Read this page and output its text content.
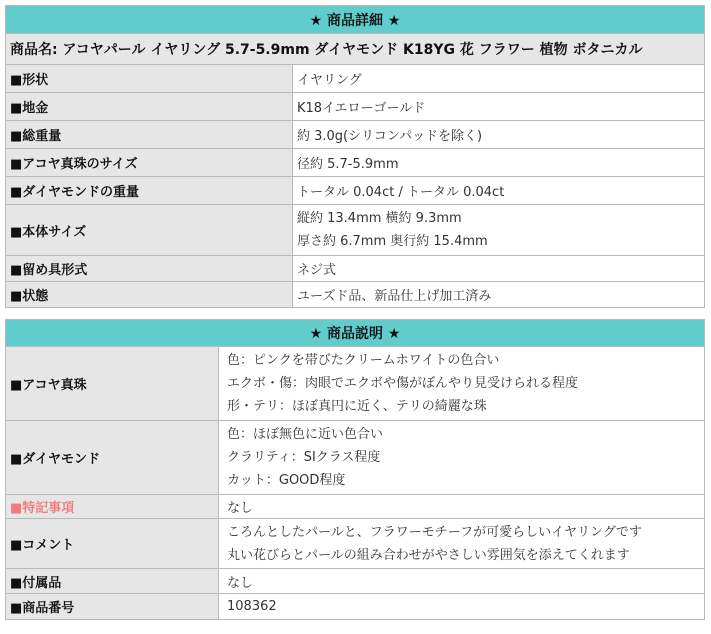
★ 商品詳細 ★	
商品名: アコヤパール イヤリング 5.7-5.9mm ダイヤモンド K18YG 花 フラワー 植物 ボタニカル	
■形状	イヤリング
■地金	K18イエローゴールド
■総重量	約 3.0g(シリコンパッドを除く)
■アコヤ真珠のサイズ	径約 5.7-5.9mm
■ダイヤモンドの重量	トータル 0.04ct / トータル 0.04ct
■本体サイズ	縦約 13.4mm 横約 9.3mm
厚さ約 6.7mm 奥行約 15.4mm

■留め具形式	ネジ式
■状態	ユーズド品、新品仕上げ加工済み
★ 商品説明 ★	
■アコヤ真珠	色：ピンクを帯びたクリームホワイトの色合い
エクボ・傷：肉眼でエクボや傷がぼんやり見受けられる程度
形・テリ：ほぼ真円に近く、テリの綺麗な珠

■ダイヤモンド	色：ほぼ無色に近い色合い
クラリティ：SIクラス程度
カット：GOOD程度

■特記事項	なし
■コメント	ころんとしたパールと、フラワーモチーフが可愛らしいイヤリングです
丸い花びらとパールの組み合わせがやさしい雰囲気を添えてくれます

■付属品	なし
■商品番号	108362
